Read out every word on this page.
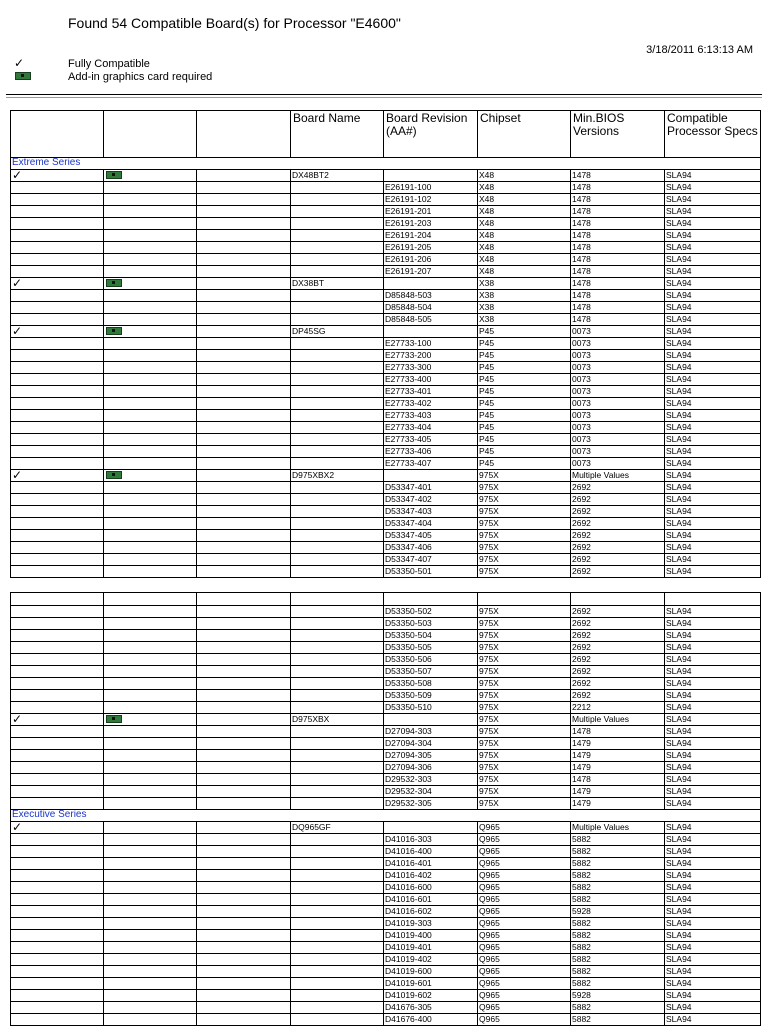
Found 54 Compatible Board(s) for Processor "E4600"
3/18/2011 6:13:13 AM
✓	Fully Compatible
Add-in graphics card required
			Board Name	Board Revision (AA#)	Chipset	Min.BIOS Versions	Compatible Processor Specs
Extreme Series							
✓			DX48BT2		X48	1478	SLA94
				E26191-100	X48	1478	SLA94
				E26191-102	X48	1478	SLA94
				E26191-201	X48	1478	SLA94
				E26191-203	X48	1478	SLA94
				E26191-204	X48	1478	SLA94
				E26191-205	X48	1478	SLA94
				E26191-206	X48	1478	SLA94
				E26191-207	X48	1478	SLA94
✓			DX38BT		X38	1478	SLA94
				D85848-503	X38	1478	SLA94
				D85848-504	X38	1478	SLA94
				D85848-505	X38	1478	SLA94
✓			DP45SG		P45	0073	SLA94
				E27733-100	P45	0073	SLA94
				E27733-200	P45	0073	SLA94
				E27733-300	P45	0073	SLA94
				E27733-400	P45	0073	SLA94
				E27733-401	P45	0073	SLA94
				E27733-402	P45	0073	SLA94
				E27733-403	P45	0073	SLA94
				E27733-404	P45	0073	SLA94
				E27733-405	P45	0073	SLA94
				E27733-406	P45	0073	SLA94
				E27733-407	P45	0073	SLA94
✓			D975XBX2		975X	Multiple Values	SLA94
				D53347-401	975X	2692	SLA94
				D53347-402	975X	2692	SLA94
				D53347-403	975X	2692	SLA94
				D53347-404	975X	2692	SLA94
				D53347-405	975X	2692	SLA94
				D53347-406	975X	2692	SLA94
				D53347-407	975X	2692	SLA94
				D53350-501	975X	2692	SLA94

				D53350-502	975X	2692	SLA94
				D53350-503	975X	2692	SLA94
				D53350-504	975X	2692	SLA94
				D53350-505	975X	2692	SLA94
				D53350-506	975X	2692	SLA94
				D53350-507	975X	2692	SLA94
				D53350-508	975X	2692	SLA94
				D53350-509	975X	2692	SLA94
				D53350-510	975X	2212	SLA94
✓			D975XBX		975X	Multiple Values	SLA94
				D27094-303	975X	1478	SLA94
				D27094-304	975X	1479	SLA94
				D27094-305	975X	1479	SLA94
				D27094-306	975X	1479	SLA94
				D29532-303	975X	1478	SLA94
				D29532-304	975X	1479	SLA94
				D29532-305	975X	1479	SLA94
Executive Series							
✓			DQ965GF		Q965	Multiple Values	SLA94
				D41016-303	Q965	5882	SLA94
				D41016-400	Q965	5882	SLA94
				D41016-401	Q965	5882	SLA94
				D41016-402	Q965	5882	SLA94
				D41016-600	Q965	5882	SLA94
				D41016-601	Q965	5882	SLA94
				D41016-602	Q965	5928	SLA94
				D41019-303	Q965	5882	SLA94
				D41019-400	Q965	5882	SLA94
				D41019-401	Q965	5882	SLA94
				D41019-402	Q965	5882	SLA94
				D41019-600	Q965	5882	SLA94
				D41019-601	Q965	5882	SLA94
				D41019-602	Q965	5928	SLA94
				D41676-305	Q965	5882	SLA94
				D41676-400	Q965	5882	SLA94
